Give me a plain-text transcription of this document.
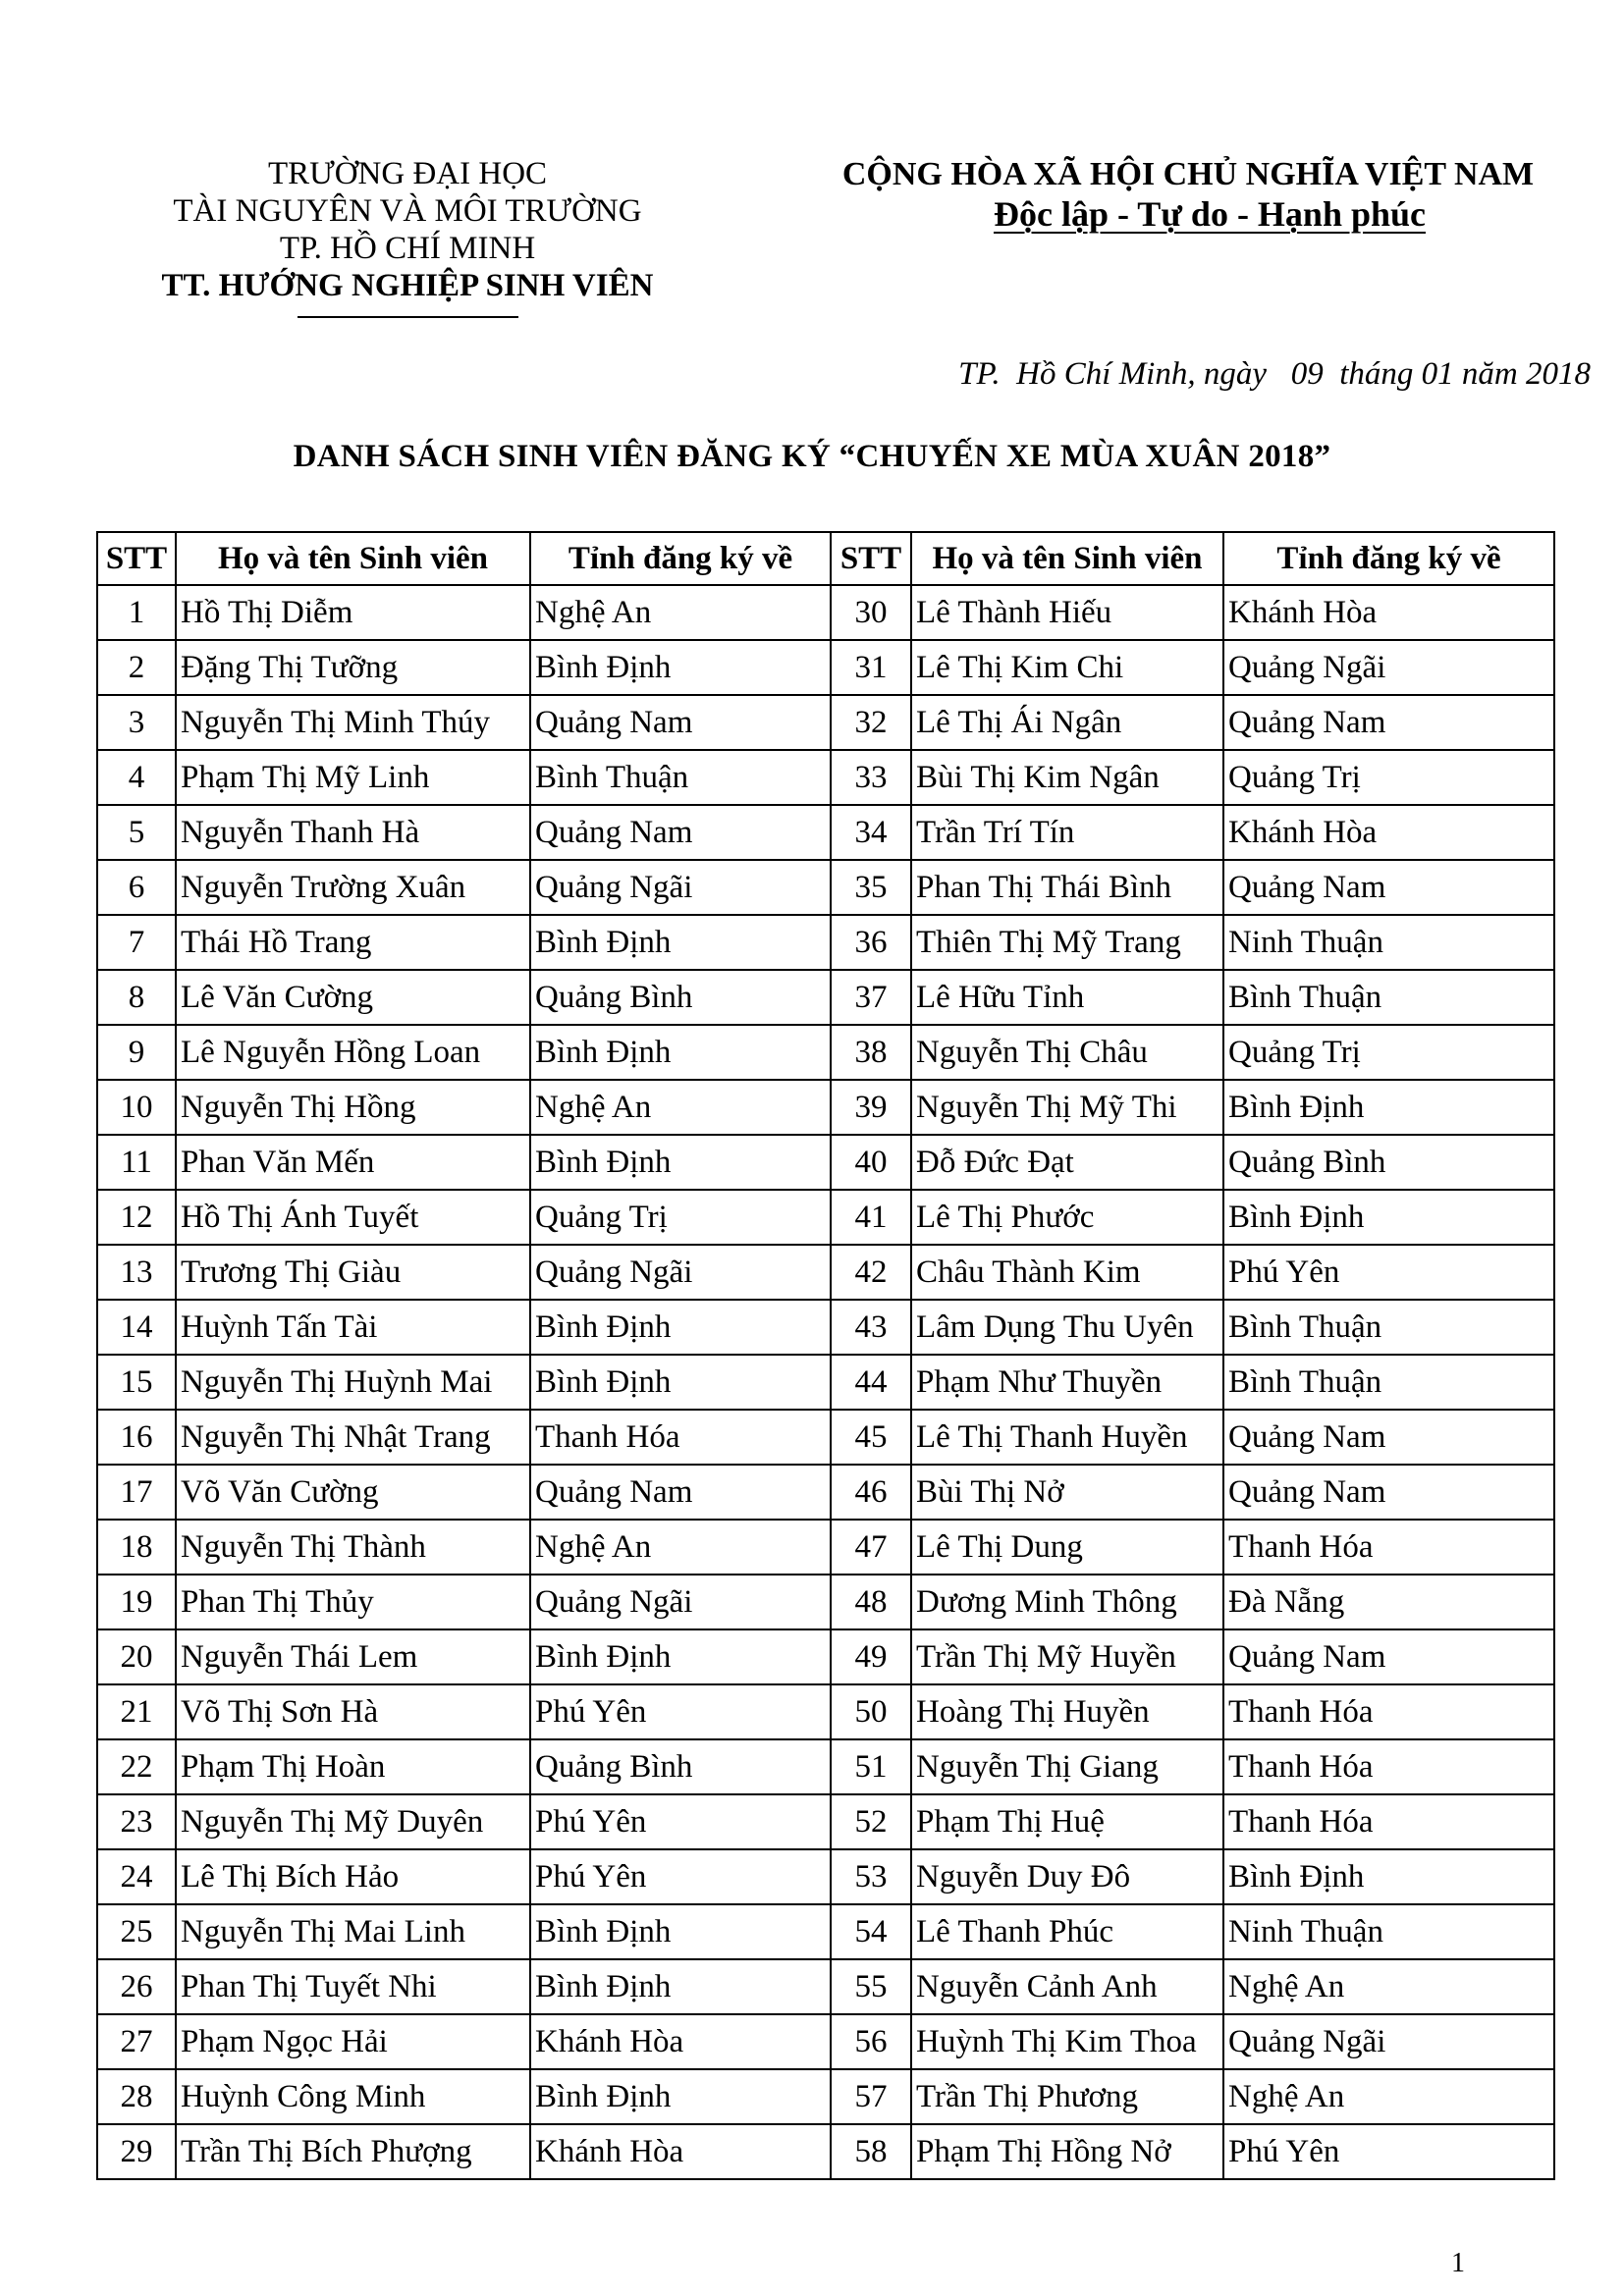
TRƯỜNG ĐẠI HỌC
TÀI NGUYÊN VÀ MÔI TRƯỜNG
TP. HỒ CHÍ MINH
TT. HƯỚNG NGHIỆP SINH VIÊN
CỘNG HÒA XÃ HỘI CHỦ NGHĨA VIỆT NAM
Độc lập - Tự do - Hạnh phúc
TP.  Hồ Chí Minh, ngày   09  tháng 01 năm 2018
DANH SÁCH SINH VIÊN ĐĂNG KÝ “CHUYẾN XE MÙA XUÂN 2018”
STT	Họ và tên Sinh viên	Tỉnh đăng ký về	STT	Họ và tên Sinh viên	Tỉnh đăng ký về
1	Hồ Thị Diễm	Nghệ An	30	Lê Thành Hiếu	Khánh Hòa
2	Đặng Thị Tưỡng	Bình Định	31	Lê Thị Kim Chi	Quảng Ngãi
3	Nguyễn Thị Minh Thúy	Quảng Nam	32	Lê Thị Ái Ngân	Quảng Nam
4	Phạm Thị Mỹ Linh	Bình Thuận	33	Bùi Thị Kim Ngân	Quảng Trị
5	Nguyễn Thanh Hà	Quảng Nam	34	Trần Trí Tín	Khánh Hòa
6	Nguyễn Trường Xuân	Quảng Ngãi	35	Phan Thị Thái Bình	Quảng Nam
7	Thái Hồ Trang	Bình Định	36	Thiên Thị Mỹ Trang	Ninh Thuận
8	Lê Văn Cường	Quảng Bình	37	Lê Hữu Tỉnh	Bình Thuận
9	Lê Nguyễn Hồng Loan	Bình Định	38	Nguyễn Thị Châu	Quảng Trị
10	Nguyễn Thị Hồng	Nghệ An	39	Nguyễn Thị Mỹ Thi	Bình Định
11	Phan Văn Mến	Bình Định	40	Đỗ Đức Đạt	Quảng Bình
12	Hồ Thị Ánh Tuyết	Quảng Trị	41	Lê Thị Phước	Bình Định
13	Trương Thị Giàu	Quảng Ngãi	42	Châu Thành Kim	Phú Yên
14	Huỳnh Tấn Tài	Bình Định	43	Lâm Dụng Thu Uyên	Bình Thuận
15	Nguyễn Thị Huỳnh Mai	Bình Định	44	Phạm Như Thuyền	Bình Thuận
16	Nguyễn Thị Nhật Trang	Thanh Hóa	45	Lê Thị Thanh Huyền	Quảng Nam
17	Võ Văn Cường	Quảng Nam	46	Bùi Thị Nở	Quảng Nam
18	Nguyễn Thị Thành	Nghệ An	47	Lê Thị Dung	Thanh Hóa
19	Phan Thị Thủy	Quảng Ngãi	48	Dương Minh Thông	Đà Nẵng
20	Nguyễn Thái Lem	Bình Định	49	Trần Thị Mỹ Huyền	Quảng Nam
21	Võ Thị Sơn Hà	Phú Yên	50	Hoàng Thị Huyền	Thanh Hóa
22	Phạm Thị Hoàn	Quảng Bình	51	Nguyễn Thị Giang	Thanh Hóa
23	Nguyễn Thị Mỹ Duyên	Phú Yên	52	Phạm Thị Huệ	Thanh Hóa
24	Lê Thị Bích Hảo	Phú Yên	53	Nguyễn Duy Đô	Bình Định
25	Nguyễn Thị Mai Linh	Bình Định	54	Lê Thanh Phúc	Ninh Thuận
26	Phan Thị Tuyết Nhi	Bình Định	55	Nguyễn Cảnh Anh	Nghệ An
27	Phạm Ngọc Hải	Khánh Hòa	56	Huỳnh Thị Kim Thoa	Quảng Ngãi
28	Huỳnh Công Minh	Bình Định	57	Trần Thị Phương	Nghệ An
29	Trần Thị Bích Phượng	Khánh Hòa	58	Phạm Thị Hồng Nở	Phú Yên
1
